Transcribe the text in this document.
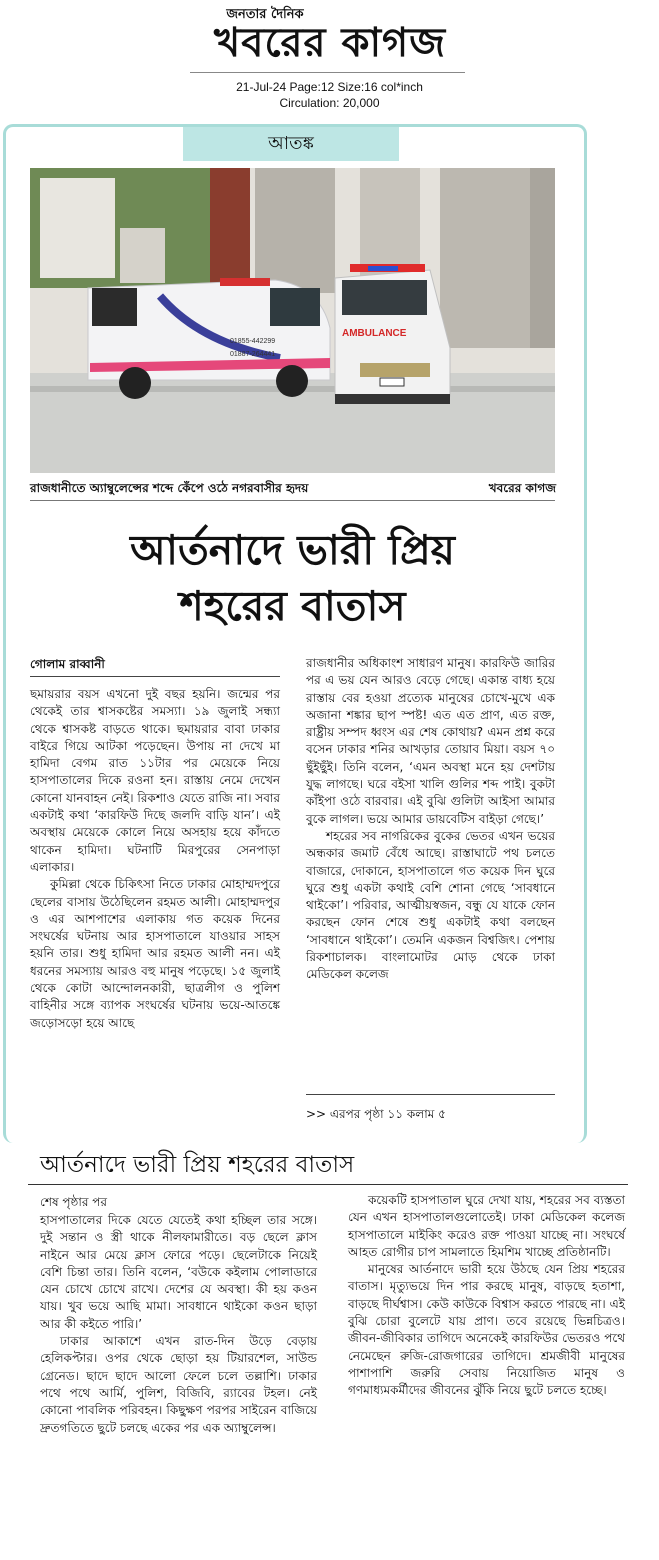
জনতার দৈনিক
খবরের কাগজ
21-Jul-24 Page:12 Size:16 col*inch
Circulation: 20,000
আতঙ্ক
01855-442299
01887-264441
AMBULANCE
রাজধানীতে অ্যাম্বুলেন্সের শব্দে কেঁপে ওঠে নগরবাসীর হৃদয়	খবরের কাগজ
আর্তনাদে ভারী প্রিয়
শহরের বাতাস
গোলাম রাব্বানী

ছমায়রার বয়স এখনো দুই বছর হয়নি। জন্মের পর থেকেই তার শ্বাসকষ্টের সমস্যা। ১৯ জুলাই সন্ধ্যা থেকে শ্বাসকষ্ট বাড়তে থাকে। ছমায়রার বাবা ঢাকার বাইরে গিয়ে আটকা পড়েছেন। উপায় না দেখে মা হামিদা বেগম রাত ১১টার পর মেয়েকে নিয়ে হাসপাতালের দিকে রওনা হন। রাস্তায় নেমে দেখেন কোনো যানবাহন নেই। রিকশাও যেতে রাজি না। সবার একটাই কথা ‘কারফিউ দিছে জলদি বাড়ি যান’। এই অবস্থায় মেয়েকে কোলে নিয়ে অসহায় হয়ে কাঁদতে থাকেন হামিদা। ঘটনাটি মিরপুরের সেনপাড়া এলাকার।

কুমিল্লা থেকে চিকিৎসা নিতে ঢাকার মোহাম্মদপুরে ছেলের বাসায় উঠেছিলেন রহমত আলী। মোহাম্মদপুর ও এর আশপাশের এলাকায় গত কয়েক দিনের সংঘর্ষের ঘটনায় আর হাসপাতালে যাওয়ার সাহস হয়নি তার। শুধু হামিদা আর রহমত আলী নন। এই ধরনের সমস্যায় আরও বহু মানুষ পড়েছে। ১৫ জুলাই থেকে কোটা আন্দোলনকারী, ছাত্রলীগ ও পুলিশ বাহিনীর সঙ্গে ব্যাপক সংঘর্ষের ঘটনায় ভয়ে-আতঙ্কে জড়োসড়ো হয়ে আছে

রাজধানীর অধিকাংশ সাধারণ মানুষ। কারফিউ জারির পর এ ভয় যেন আরও বেড়ে গেছে। একান্ত বাধ্য হয়ে রাস্তায় বের হওয়া প্রত্যেক মানুষের চোখে-মুখে এক অজানা শঙ্কার ছাপ স্পষ্ট! এত এত প্রাণ, এত রক্ত, রাষ্ট্রীয় সম্পদ ধ্বংস এর শেষ কোথায়? এমন প্রশ্ন করে বসেন ঢাকার শনির আখড়ার তোয়াব মিয়া। বয়স ৭০ ছুঁইছুঁই। তিনি বলেন, ‘এমন অবস্থা মনে হয় দেশটায় যুদ্ধ লাগছে। ঘরে বইসা খালি গুলির শব্দ পাই। বুকটা কাঁইপা ওঠে বারবার। এই বুঝি গুলিটা আইসা আমার বুকে লাগল। ভয়ে আমার ডায়বেটিস বাইড়া গেছে।’

শহরের সব নাগরিকের বুকের ভেতর এখন ভয়ের অন্ধকার জমাট বেঁধে আছে। রাস্তাঘাটে পথ চলতে বাজারে, দোকানে, হাসপাতালে গত কয়েক দিন ঘুরে ঘুরে শুধু একটা কথাই বেশি শোনা গেছে ‘সাবধানে থাইকো’। পরিবার, আত্মীয়স্বজন, বন্ধু যে যাকে ফোন করছেন ফোন শেষে শুধু একটাই কথা বলছেন ‘সাবধানে থাইকো’। তেমনি একজন বিশ্বজিৎ। পেশায় রিকশাচালক। বাংলামোটর মোড় থেকে ঢাকা মেডিকেল কলেজ

>> এরপর পৃষ্ঠা ১১ কলাম ৫
আর্তনাদে ভারী প্রিয় শহরের বাতাস
শেষ পৃষ্ঠার পর

হাসপাতালের দিকে যেতে যেতেই কথা হচ্ছিল তার সঙ্গে। দুই সন্তান ও স্ত্রী থাকে নীলফামারীতে। বড় ছেলে ক্লাস নাইনে আর মেয়ে ক্লাস ফোরে পড়ে। ছেলেটাকে নিয়েই বেশি চিন্তা তার। তিনি বলেন, ‘বউকে কইলাম পোলাডারে যেন চোখে চোখে রাখে। দেশের যে অবস্থা। কী হয় কওন যায়। খুব ভয়ে আছি মামা। সাবধানে থাইকো কওন ছাড়া আর কী কইতে পারি।’

ঢাকার আকাশে এখন রাত-দিন উড়ে বেড়ায় হেলিকপ্টার। ওপর থেকে ছোড়া হয় টিয়ারশেল, সাউন্ড গ্রেনেড। ছাদে ছাদে আলো ফেলে চলে তল্লাশি। ঢাকার পথে পথে আর্মি, পুলিশ, বিজিবি, র‍্যাবের টহল। নেই কোনো পাবলিক পরিবহন। কিছুক্ষণ পরপর সাইরেন বাজিয়ে দ্রুতগতিতে ছুটে চলছে একের পর এক অ্যাম্বুলেন্স।

কয়েকটি হাসপাতাল ঘুরে দেখা যায়, শহরের সব ব্যস্ততা যেন এখন হাসপাতালগুলোতেই। ঢাকা মেডিকেল কলেজ হাসপাতালে মাইকিং করেও রক্ত পাওয়া যাচ্ছে না। সংঘর্ষে আহত রোগীর চাপ সামলাতে হিমশিম খাচ্ছে প্রতিষ্ঠানটি।

মানুষের আর্তনাদে ভারী হয়ে উঠছে যেন প্রিয় শহরের বাতাস। মৃত্যুভয়ে দিন পার করছে মানুষ, বাড়ছে হতাশা, বাড়ছে দীর্ঘশ্বাস। কেউ কাউকে বিশ্বাস করতে পারছে না। এই বুঝি চোরা বুলেটে যায় প্রাণ। তবে রয়েছে ভিন্নচিত্রও। জীবন-জীবিকার তাগিদে অনেকেই কারফিউর ভেতরও পথে নেমেছেন রুজি-রোজগারের তাগিদে। শ্রমজীবী মানুষের পাশাপাশি জরুরি সেবায় নিয়োজিত মানুষ ও গণমাধ্যমকর্মীদের জীবনের ঝুঁকি নিয়ে ছুটে চলতে হচ্ছে।
